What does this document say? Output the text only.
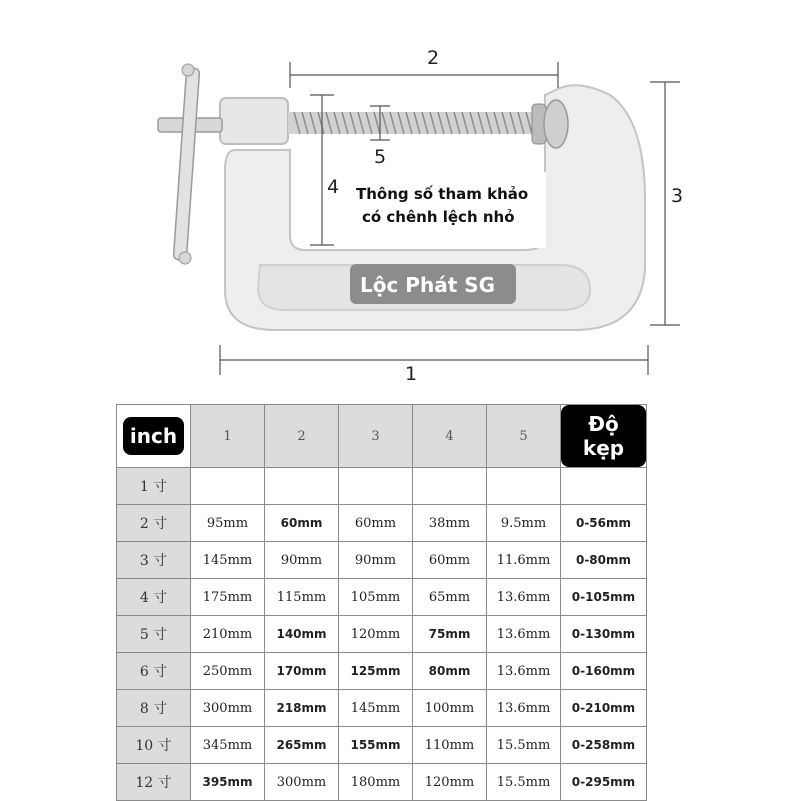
2
3
1
4
5
Thông số tham khảo
có chênh lệch nhỏ
Lộc Phát SG
inch	1	2	3	4	5	Độ kẹp
1 寸						
2 寸	95mm	60mm	60mm	38mm	9.5mm	0-56mm
3 寸	145mm	90mm	90mm	60mm	11.6mm	0-80mm
4 寸	175mm	115mm	105mm	65mm	13.6mm	0-105mm
5 寸	210mm	140mm	120mm	75mm	13.6mm	0-130mm
6 寸	250mm	170mm	125mm	80mm	13.6mm	0-160mm
8 寸	300mm	218mm	145mm	100mm	13.6mm	0-210mm
10 寸	345mm	265mm	155mm	110mm	15.5mm	0-258mm
12 寸	395mm	300mm	180mm	120mm	15.5mm	0-295mm
